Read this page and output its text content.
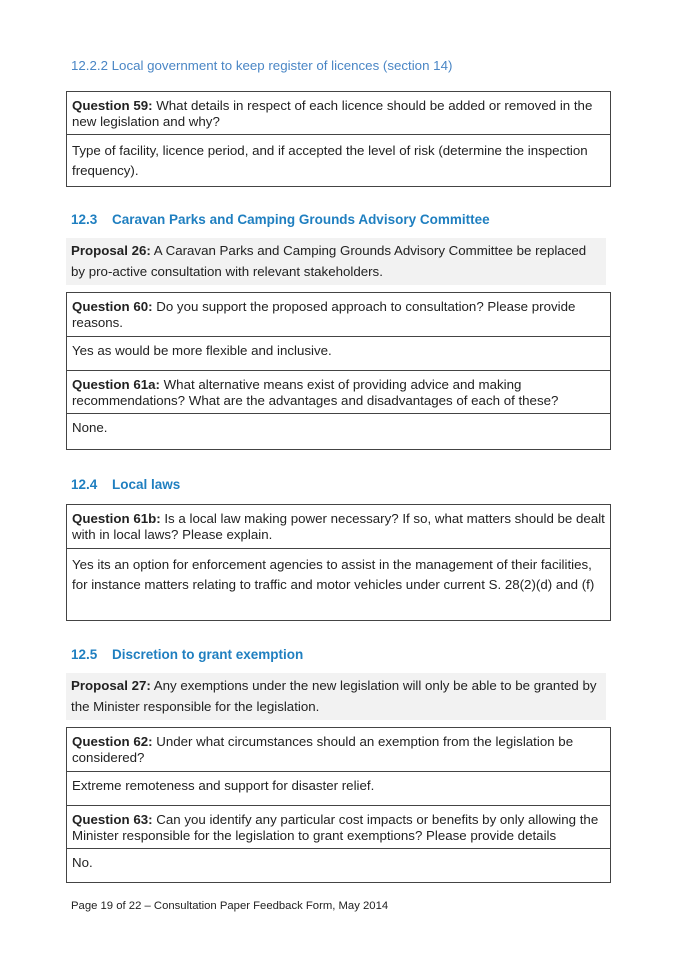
12.2.2 Local government to keep register of licences (section 14)
Question 59: What details in respect of each licence should be added or removed in the new legislation and why?
Type of facility, licence period, and if accepted the level of risk (determine the inspection frequency).
12.3 Caravan Parks and Camping Grounds Advisory Committee
Proposal 26: A Caravan Parks and Camping Grounds Advisory Committee be replaced by pro-active consultation with relevant stakeholders.
Question 60: Do you support the proposed approach to consultation? Please provide reasons.
Yes as would be more flexible and inclusive.
Question 61a: What alternative means exist of providing advice and making recommendations? What are the advantages and disadvantages of each of these?
None.
12.4 Local laws
Question 61b: Is a local law making power necessary? If so, what matters should be dealt with in local laws? Please explain.
Yes its an option for enforcement agencies to assist in the management of their facilities, for instance matters relating to traffic and motor vehicles under current S. 28(2)(d) and (f)
12.5 Discretion to grant exemption
Proposal 27: Any exemptions under the new legislation will only be able to be granted by the Minister responsible for the legislation.
Question 62: Under what circumstances should an exemption from the legislation be considered?
Extreme remoteness and support for disaster relief.
Question 63: Can you identify any particular cost impacts or benefits by only allowing the Minister responsible for the legislation to grant exemptions? Please provide details
No.
Page 19 of 22 – Consultation Paper Feedback Form, May 2014
